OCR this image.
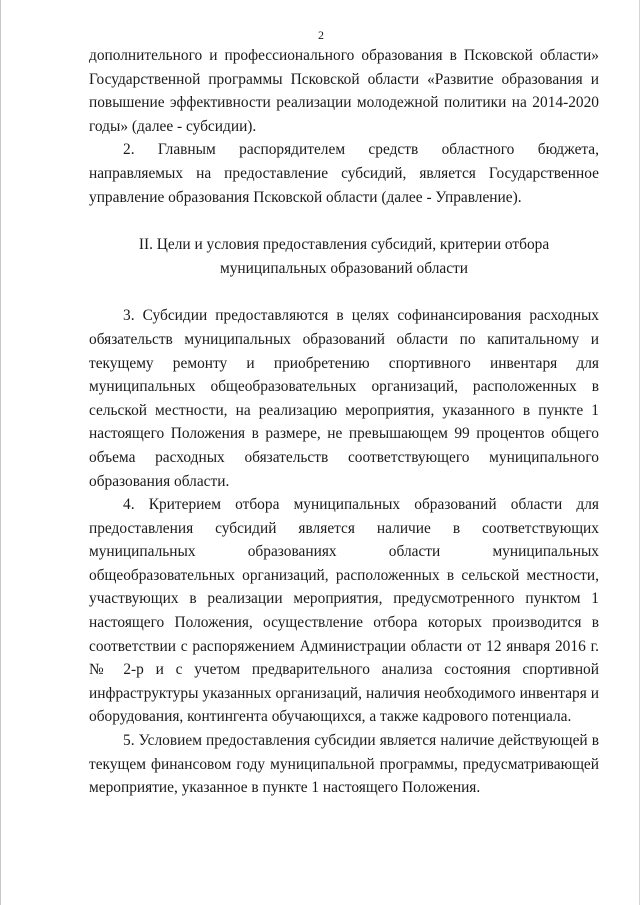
2

дополнительного и профессионального образования в Псковской области» Государственной программы Псковской области «Развитие образования и повышение эффективности реализации молодежной политики на 2014-2020 годы» (далее - субсидии).

2. Главным распорядителем средств областного бюджета, направляемых на предоставление субсидий, является Государственное управление образования Псковской области (далее - Управление).

II. Цели и условия предоставления субсидий, критерии отбора

муниципальных образований области

3. Субсидии предоставляются в целях софинансирования расходных обязательств муниципальных образований области по капитальному и текущему ремонту и приобретению спортивного инвентаря для муниципальных общеобразовательных организаций, расположенных в сельской местности, на реализацию мероприятия, указанного в пункте 1 настоящего Положения в размере, не превышающем 99 процентов общего объема расходных обязательств соответствующего муниципального образования области.

4. Критерием отбора муниципальных образований области для предоставления субсидий является наличие в соответствующих муниципальных образованиях области муниципальных общеобразовательных организаций, расположенных в сельской местности, участвующих в реализации мероприятия, предусмотренного пунктом 1 настоящего Положения, осуществление отбора которых производится в соответствии с распоряжением Администрации области от 12 января 2016 г. № 2-р и с учетом предварительного анализа состояния спортивной инфраструктуры указанных организаций, наличия необходимого инвентаря и оборудования, контингента обучающихся, а также кадрового потенциала.

5. Условием предоставления субсидии является наличие действующей в текущем финансовом году муниципальной программы, предусматривающей мероприятие, указанное в пункте 1 настоящего Положения.
